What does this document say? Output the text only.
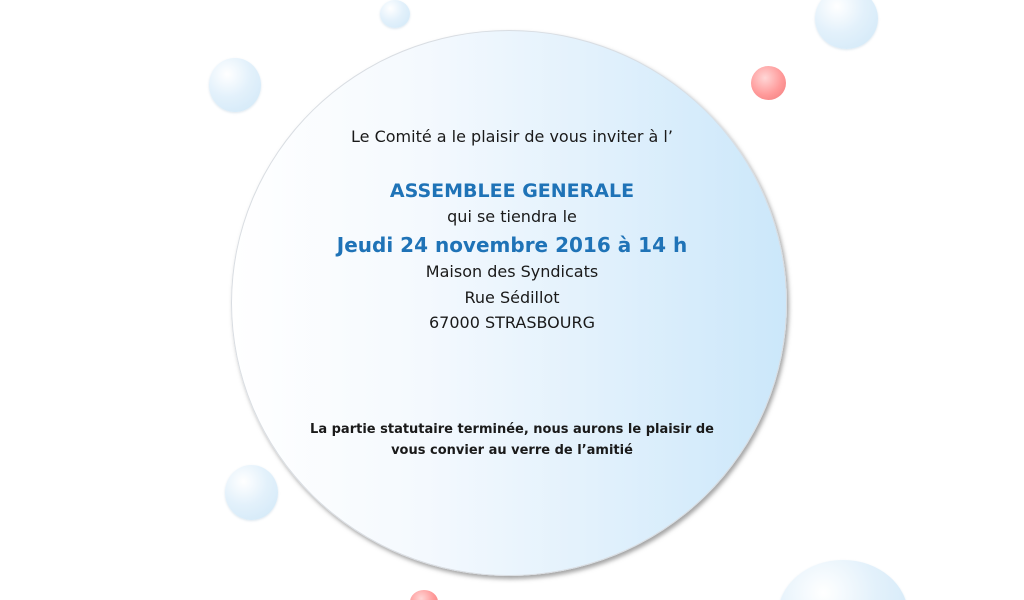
Le Comité a le plaisir de vous inviter à l’
ASSEMBLEE GENERALE
qui se tiendra le
Jeudi 24 novembre 2016 à 14 h
Maison des Syndicats
Rue Sédillot
67000 STRASBOURG
La partie statutaire terminée, nous aurons le plaisir de
vous convier au verre de l’amitié
